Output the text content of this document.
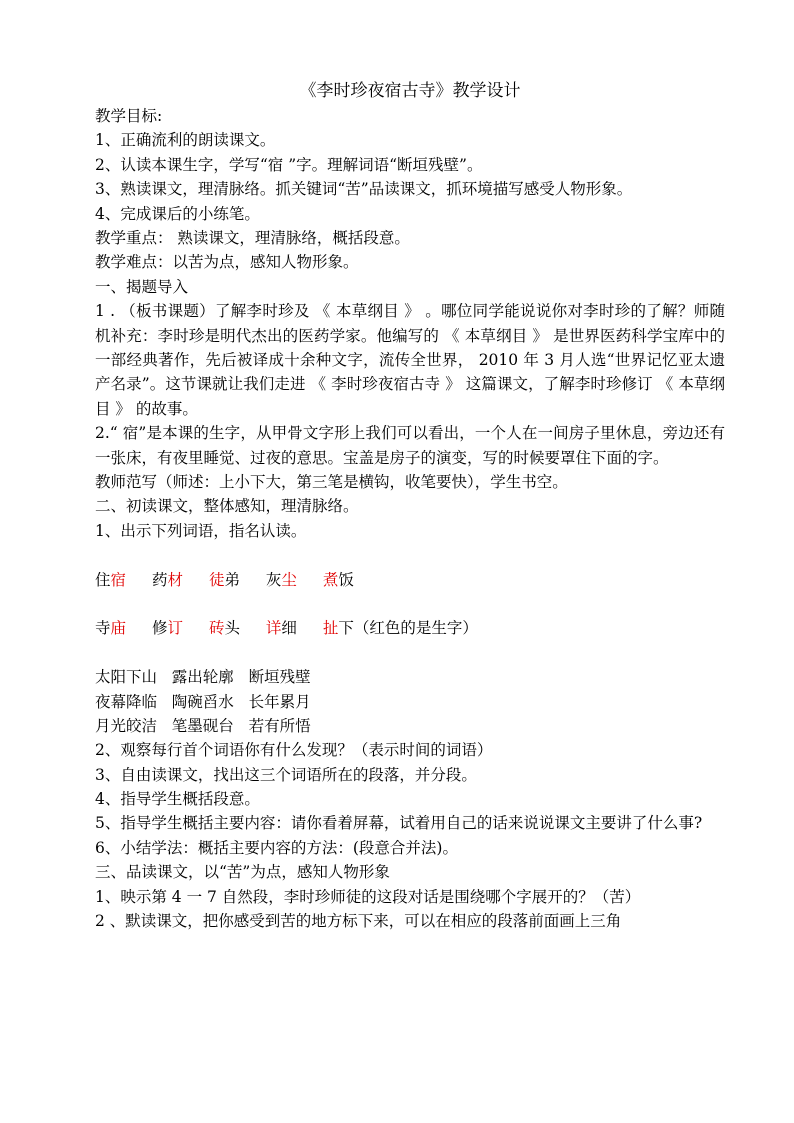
《李时珍夜宿古寺》教学设计
教学目标:
1、正确流利的朗读课文。
2、认读本课生字，学写“宿 ”字。理解词语“断垣残壁”。
3、熟读课文，理清脉络。抓关键词“苦”品读课文，抓环境描写感受人物形象。
4、完成课后的小练笔。
教学重点： 熟读课文，理清脉络，概括段意。
教学难点：以苦为点，感知人物形象。
一、揭题导入
1 . （板书课题）了解李时珍及 《 本草纲目 》 。哪位同学能说说你对李时珍的了解？师随机补充：李时珍是明代杰出的医药学家。他编写的 《 本草纲目 》 是世界医药科学宝库中的一部经典著作，先后被译成十余种文字，流传全世界， 2010 年 3 月人选“世界记忆亚太遗产名录”。这节课就让我们走进 《 李时珍夜宿古寺 》 这篇课文，了解李时珍修订 《 本草纲目 》 的故事。
2.“ 宿”是本课的生字，从甲骨文字形上我们可以看出，一个人在一间房子里休息，旁边还有一张床，有夜里睡觉、过夜的意思。宝盖是房子的演变，写的时候要罩住下面的字。
教师范写（师述：上小下大，第三笔是横钩，收笔要快），学生书空。
二、初读课文，整体感知，理清脉络。
1、出示下列词语，指名认读。
住宿 药材 徒弟 灰尘 煮饭
寺庙 修订 砖头 详细 扯下（红色的是生字）
太阳下山   露出轮廓   断垣残壁
夜幕降临   陶碗舀水   长年累月
月光皎洁   笔墨砚台   若有所悟
2、观察每行首个词语你有什么发现？（表示时间的词语）
3、自由读课文，找出这三个词语所在的段落，并分段。
4、指导学生概括段意。
5、指导学生概括主要内容：请你看着屏幕，试着用自己的话来说说课文主要讲了什么事?
6、小结学法：概括主要内容的方法：(段意合并法)。
三、品读课文，以“苦”为点，感知人物形象
1、映示第 4 一 7 自然段，李时珍师徒的这段对话是围绕哪个字展开的？（苦）
2 、默读课文，把你感受到苦的地方标下来，可以在相应的段落前面画上三角
